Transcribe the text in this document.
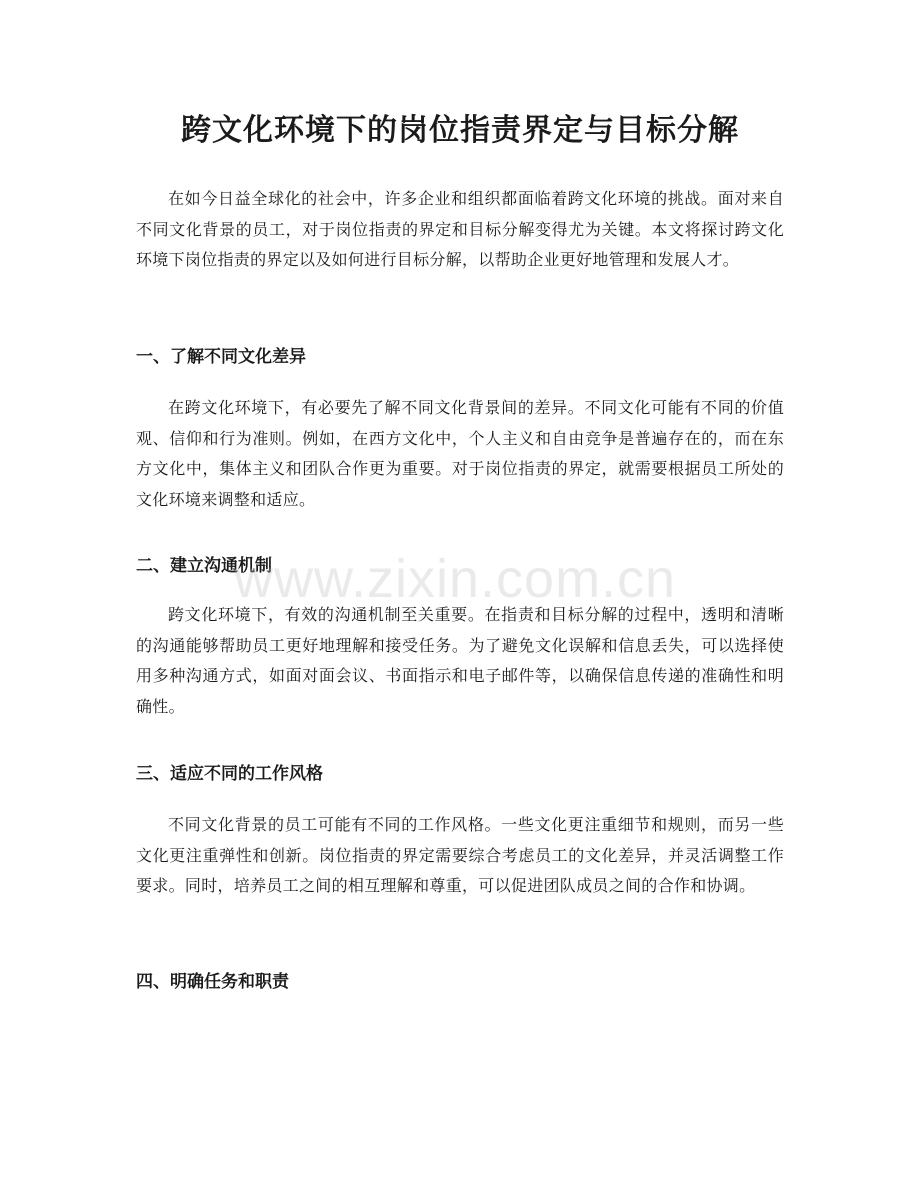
跨文化环境下的岗位指责界定与目标分解

在如今日益全球化的社会中，许多企业和组织都面临着跨文化环境的挑战。面对来自不同文化背景的员工，对于岗位指责的界定和目标分解变得尤为关键。本文将探讨跨文化环境下岗位指责的界定以及如何进行目标分解，以帮助企业更好地管理和发展人才。

一、了解不同文化差异

在跨文化环境下，有必要先了解不同文化背景间的差异。不同文化可能有不同的价值观、信仰和行为准则。例如，在西方文化中，个人主义和自由竞争是普遍存在的，而在东方文化中，集体主义和团队合作更为重要。对于岗位指责的界定，就需要根据员工所处的文化环境来调整和适应。

二、建立沟通机制

跨文化环境下，有效的沟通机制至关重要。在指责和目标分解的过程中，透明和清晰的沟通能够帮助员工更好地理解和接受任务。为了避免文化误解和信息丢失，可以选择使用多种沟通方式，如面对面会议、书面指示和电子邮件等，以确保信息传递的准确性和明确性。

三、适应不同的工作风格

不同文化背景的员工可能有不同的工作风格。一些文化更注重细节和规则，而另一些文化更注重弹性和创新。岗位指责的界定需要综合考虑员工的文化差异，并灵活调整工作要求。同时，培养员工之间的相互理解和尊重，可以促进团队成员之间的合作和协调。

四、明确任务和职责
www.zixin.com.cn
